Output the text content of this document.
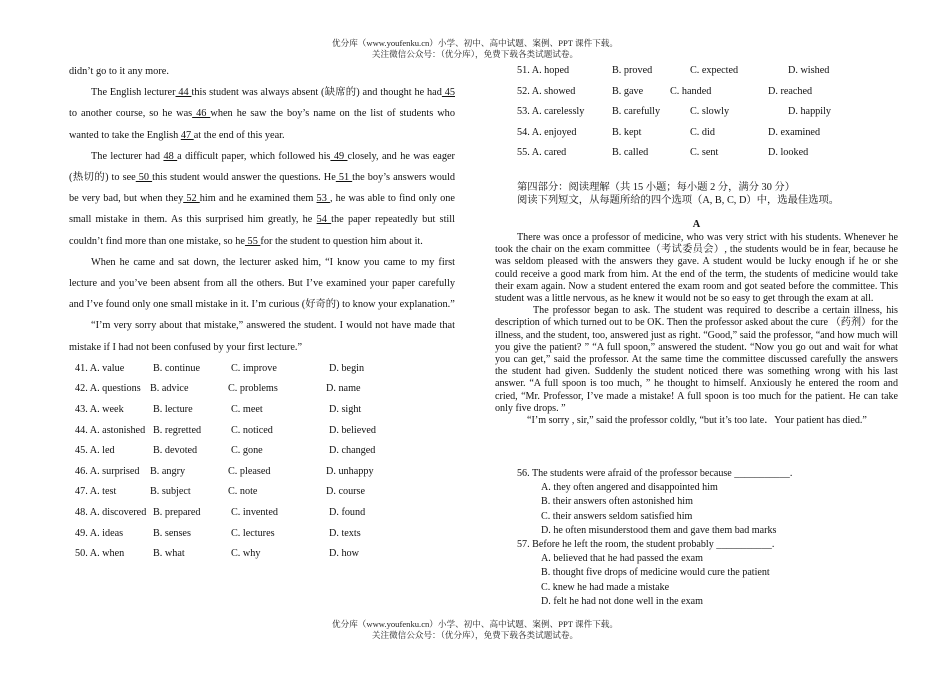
优分库（www.youfenku.cn）小学、初中、高中试题、案例、PPT 课件下载。
关注微信公众号：（优分库），免费下载各类试题试卷。

didn’t go to it any more.

The English lecturer 44 this student was always absent (缺席的) and thought he had 45 to another course, so he was 46 when he saw the boy’s name on the list of students who wanted to take the English 47 at the end of this year.

The lecturer had 48 a difficult paper, which followed his 49 closely, and he was eager (热切的) to see 50 this student would answer the questions. He 51 the boy’s answers would be very bad, but when they 52 him and he examined them 53 , he was able to find only one small mistake in them. As this surprised him greatly, he 54 the paper repeatedly but still couldn’t find more than one mistake, so he 55 for the student to question him about it.

When he came and sat down, the lecturer asked him, “I know you came to my first lecture and you’ve been absent from all the others. But I’ve examined your paper carefully and I’ve found only one small mistake in it. I’m curious (好奇的) to know your explanation.”

“I’m very sorry about that mistake,” answered the student. I would not have made that mistake if I had not been confused by your first lecture.”

41. A. value	B. continue	C. improve	D. begin
42. A. questions B. advice	C. problems	D. name
43. A. week	B. lecture	C. meet	D. sight
44. A. astonished B. regretted	C. noticed	D. believed
45. A. led	B. devoted	C. gone	D. changed
46. A. surprised	B. angry	C. pleased	D. unhappy
47. A. test	B. subject	C. note	D. course
48. A. discovered B. prepared	C. invented	D. found
49. A. ideas	B. senses	C. lectures	D. texts
50. A. when	B. what	C. why	D. how
51. A. hoped	B. proved	C. expected	D. wished
52. A. showed	B. gave	C. handed	D. reached
53. A. carelessly	B. carefully	C. slowly	D. happily
54. A. enjoyed	B. kept	C. did	D. examined
55. A. cared	B. called	C. sent	D. looked
第四部分：阅读理解（共 15 小题；每小题 2 分，满分 30 分）
阅读下列短文，从每题所给的四个选项（A, B, C, D）中，选最佳选项。
A

There was once a professor of medicine, who was very strict with his students. Whenever he took the chair on the exam committee（考试委员会）, the students would be in fear, because he was seldom pleased with the answers they gave. A student would be lucky enough if he or she could receive a good mark from him. At the end of the term, the students of medicine would take their exam again. Now a student entered the exam room and got seated before the committee. This student was a little nervous, as he knew it would not be so easy to get through the exam at all.

The professor began to ask. The student was required to describe a certain illness, his description of which turned out to be OK. Then the professor asked about the cure （药剂）for the illness, and the student, too, answered just as right. “Good,” said the professor, “and how much will you give the patient? ” “A full spoon,” answered the student. “Now you go out and wait for what you can get,” said the professor. At the same time the committee discussed carefully the answers the student had given. Suddenly the student noticed there was something wrong with his last answer. “A full spoon is too much, ” he thought to himself. Anxiously he entered the room and cried, “Mr. Professor, I’ve made a mistake! A full spoon is too much for the patient. He can take only five drops. ”

“I’m sorry , sir,” said the professor coldly, “but it’s too late．Your patient has died.”

56. The students were afraid of the professor because ___________.

A. they often angered and disappointed him

B. their answers often astonished him

C. their answers seldom satisfied him

D. he often misunderstood them and gave them bad marks

57. Before he left the room, the student probably ___________.

A. believed that he had passed the exam

B. thought five drops of medicine would cure the patient

C. knew he had made a mistake

D. felt he had not done well in the exam

优分库（www.youfenku.cn）小学、初中、高中试题、案例、PPT 课件下载。
关注微信公众号：（优分库），免费下载各类试题试卷。
